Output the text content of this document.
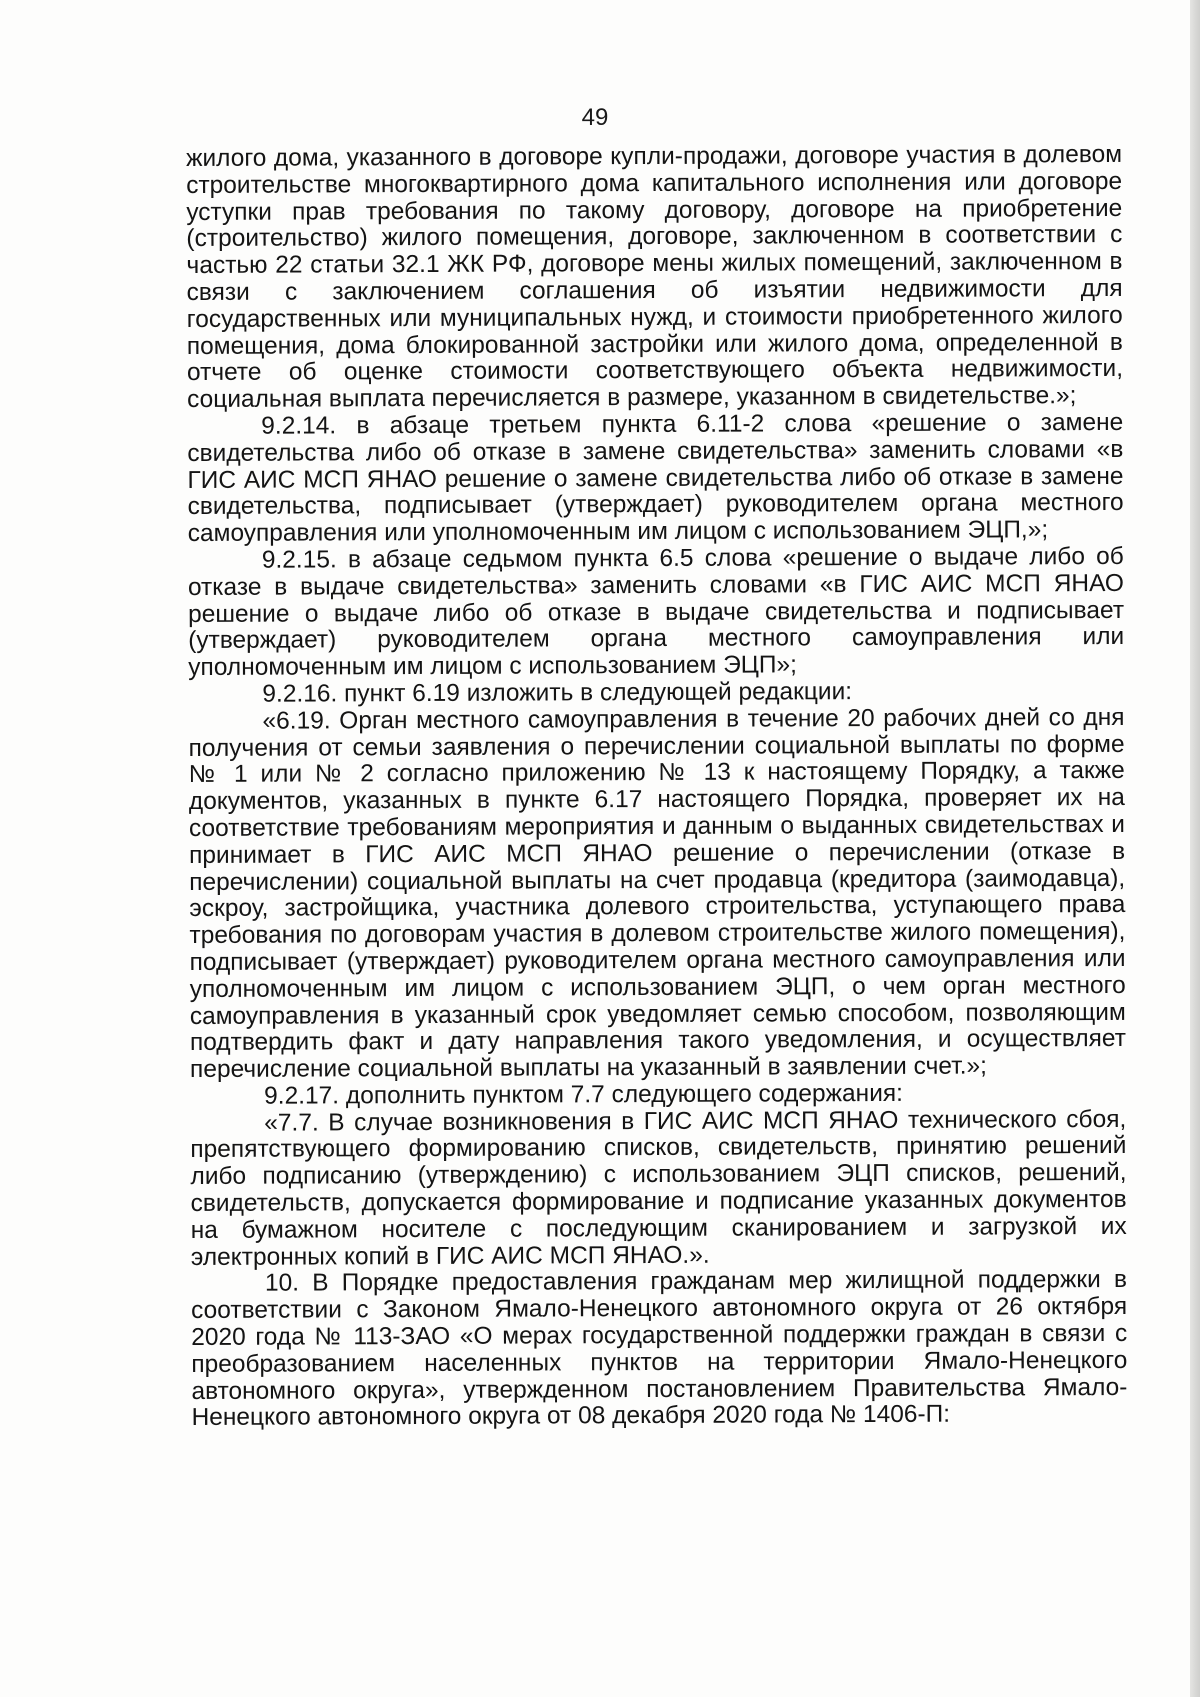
49

жилого дома, указанного в договоре купли-продажи, договоре участия в долевом строительстве многоквартирного дома капитального исполнения или договоре уступки прав требования по такому договору, договоре на приобретение (строительство) жилого помещения, договоре, заключенном в соответствии с частью 22 статьи 32.1 ЖК РФ, договоре мены жилых помещений, заключенном в связи с заключением соглашения об изъятии недвижимости для государственных или муниципальных нужд, и стоимости приобретенного жилого помещения, дома блокированной застройки или жилого дома, определенной в отчете об оценке стоимости соответствующего объекта недвижимости, социальная выплата перечисляется в размере, указанном в свидетельстве.»;

9.2.14. в абзаце третьем пункта 6.11-2 слова «решение о замене свидетельства либо об отказе в замене свидетельства» заменить словами «в ГИС АИС МСП ЯНАО решение о замене свидетельства либо об отказе в замене свидетельства, подписывает (утверждает) руководителем органа местного самоуправления или уполномоченным им лицом с использованием ЭЦП,»;

9.2.15. в абзаце седьмом пункта 6.5 слова «решение о выдаче либо об отказе в выдаче свидетельства» заменить словами «в ГИС АИС МСП ЯНАО решение о выдаче либо об отказе в выдаче свидетельства и подписывает (утверждает) руководителем органа местного самоуправления или уполномоченным им лицом с использованием ЭЦП»;

9.2.16. пункт 6.19 изложить в следующей редакции:

«6.19. Орган местного самоуправления в течение 20 рабочих дней со дня получения от семьи заявления о перечислении социальной выплаты по форме № 1 или № 2 согласно приложению № 13 к настоящему Порядку, а также документов, указанных в пункте 6.17 настоящего Порядка, проверяет их на соответствие требованиям мероприятия и данным о выданных свидетельствах и принимает в ГИС АИС МСП ЯНАО решение о перечислении (отказе в перечислении) социальной выплаты на счет продавца (кредитора (заимодавца), эскроу, застройщика, участника долевого строительства, уступающего права требования по договорам участия в долевом строительстве жилого помещения), подписывает (утверждает) руководителем органа местного самоуправления или уполномоченным им лицом с использованием ЭЦП, о чем орган местного самоуправления в указанный срок уведомляет семью способом, позволяющим подтвердить факт и дату направления такого уведомления, и осуществляет перечисление социальной выплаты на указанный в заявлении счет.»;

9.2.17. дополнить пунктом 7.7 следующего содержания:

«7.7. В случае возникновения в ГИС АИС МСП ЯНАО технического сбоя, препятствующего формированию списков, свидетельств, принятию решений либо подписанию (утверждению) с использованием ЭЦП списков, решений, свидетельств, допускается формирование и подписание указанных документов на бумажном носителе с последующим сканированием и загрузкой их электронных копий в ГИС АИС МСП ЯНАО.».

10. В Порядке предоставления гражданам мер жилищной поддержки в соответствии с Законом Ямало-Ненецкого автономного округа от 26 октября 2020 года № 113-ЗАО «О мерах государственной поддержки граждан в связи с преобразованием населенных пунктов на территории Ямало-Ненецкого автономного округа», утвержденном постановлением Правительства Ямало-Ненецкого автономного округа от 08 декабря 2020 года № 1406-П:
